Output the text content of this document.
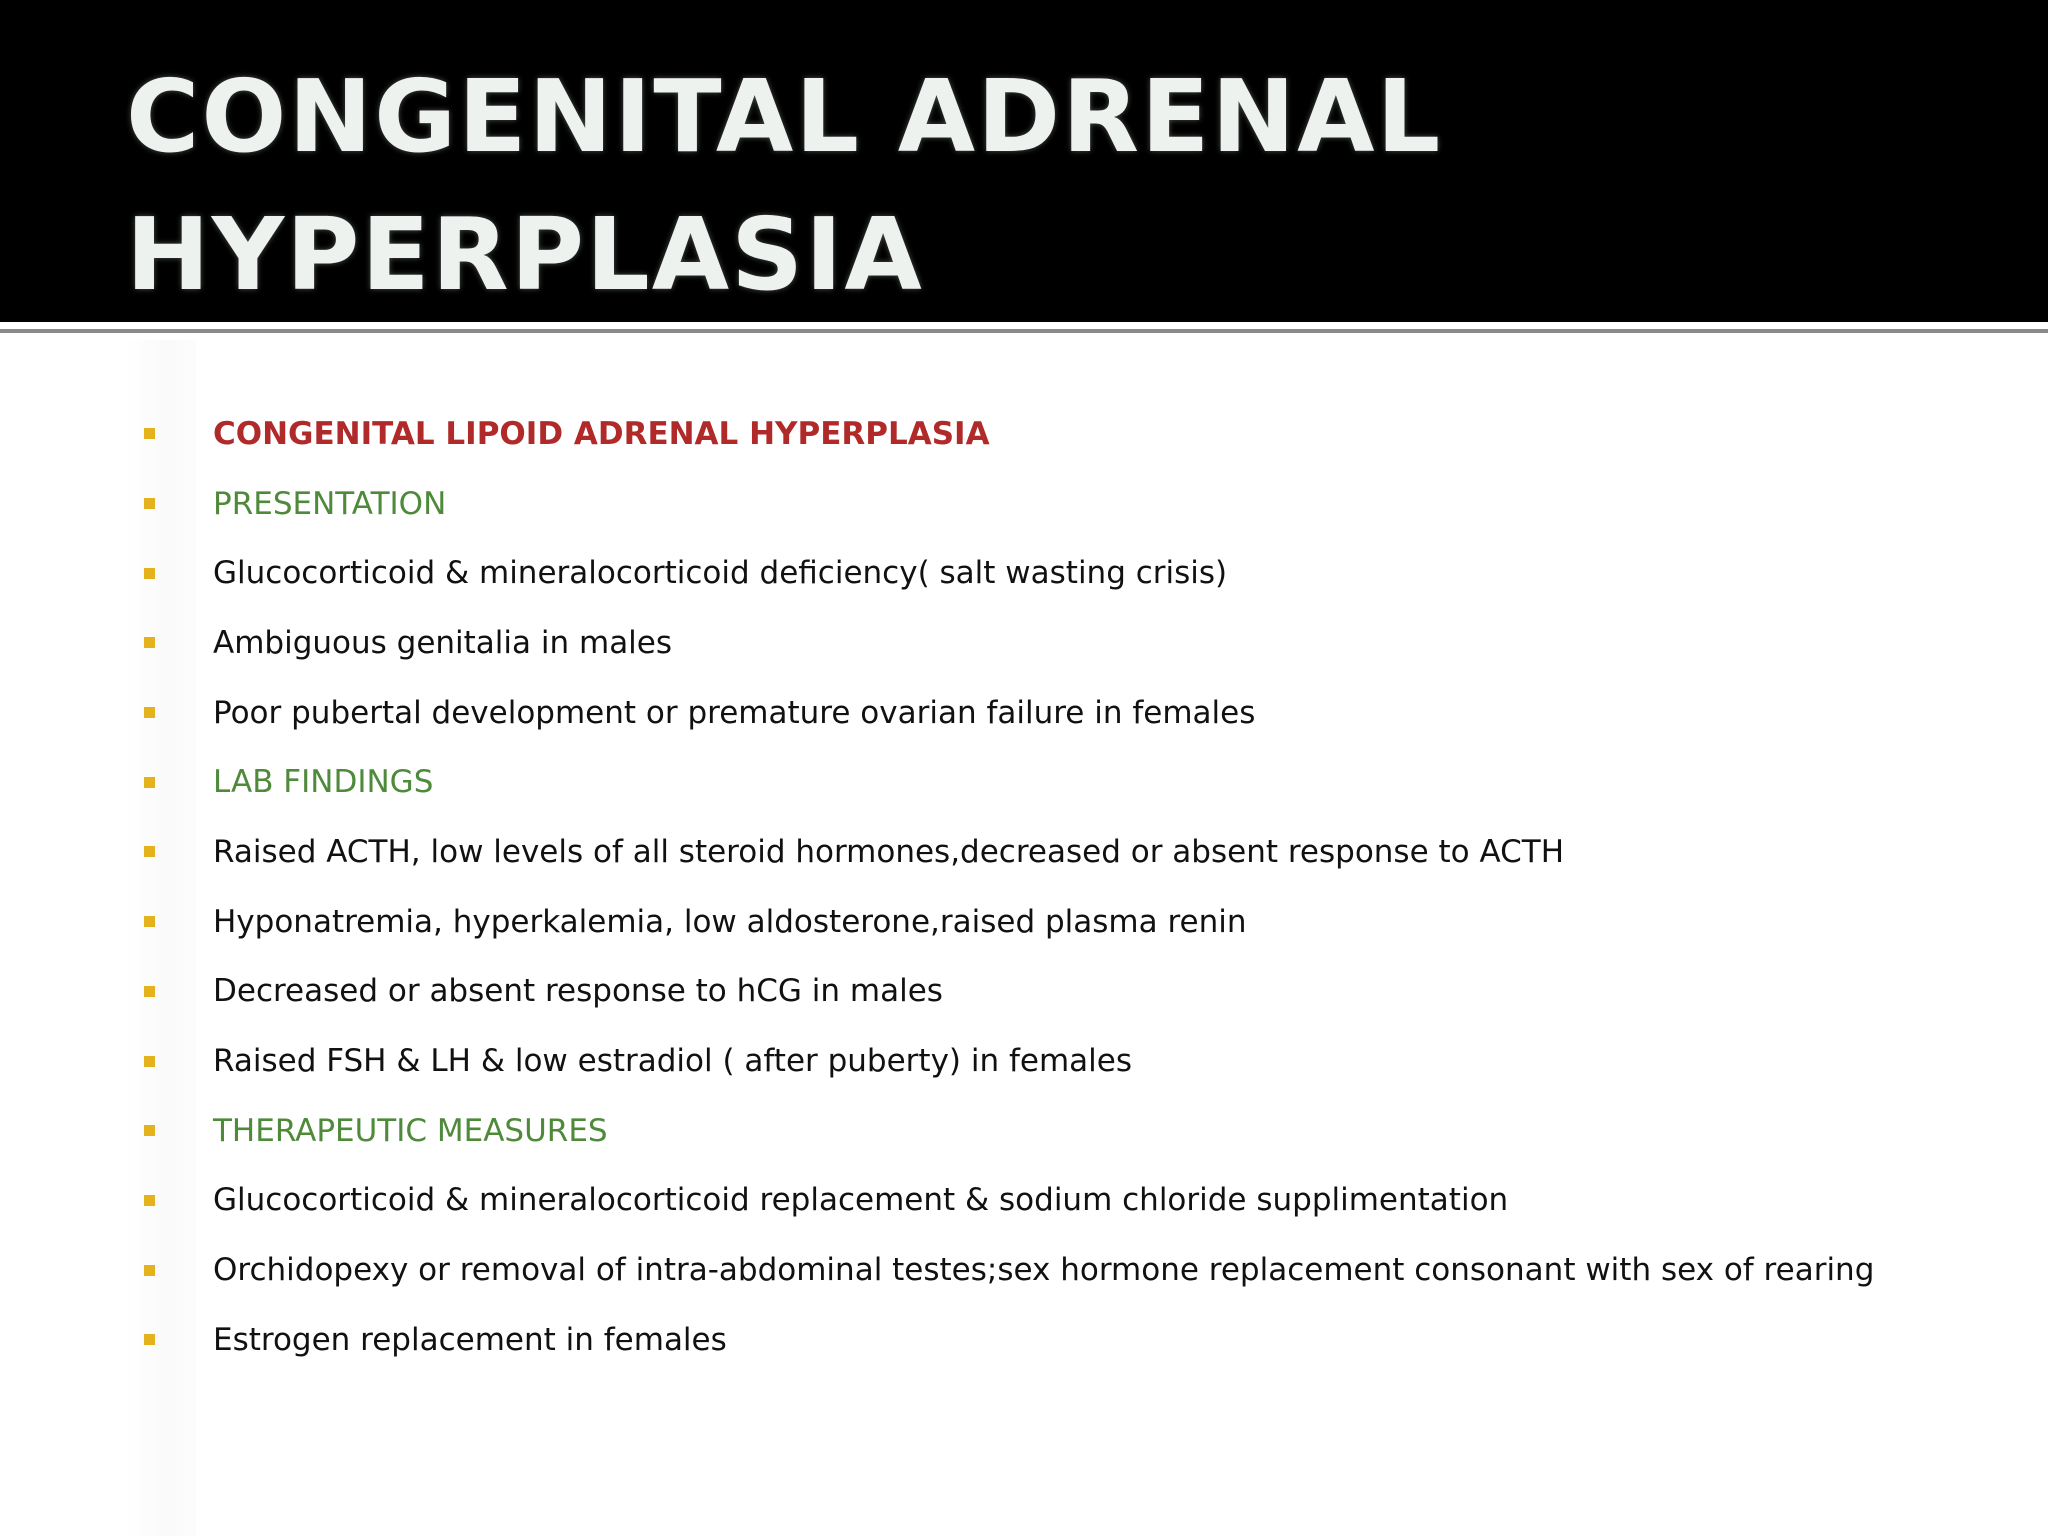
CONGENITAL ADRENAL
HYPERPLASIA
CONGENITAL LIPOID ADRENAL HYPERPLASIA
PRESENTATION
Glucocorticoid & mineralocorticoid deficiency( salt wasting crisis)
Ambiguous genitalia in males
Poor pubertal development or premature ovarian failure in females
LAB FINDINGS
Raised ACTH, low levels of all steroid hormones,decreased or absent response to ACTH
Hyponatremia, hyperkalemia, low aldosterone,raised plasma renin
Decreased or absent response to hCG in males
Raised FSH & LH & low estradiol ( after puberty) in females
THERAPEUTIC MEASURES
Glucocorticoid & mineralocorticoid replacement & sodium chloride supplimentation
Orchidopexy or removal of intra-abdominal testes;sex hormone replacement consonant with sex of rearing
Estrogen replacement in females
